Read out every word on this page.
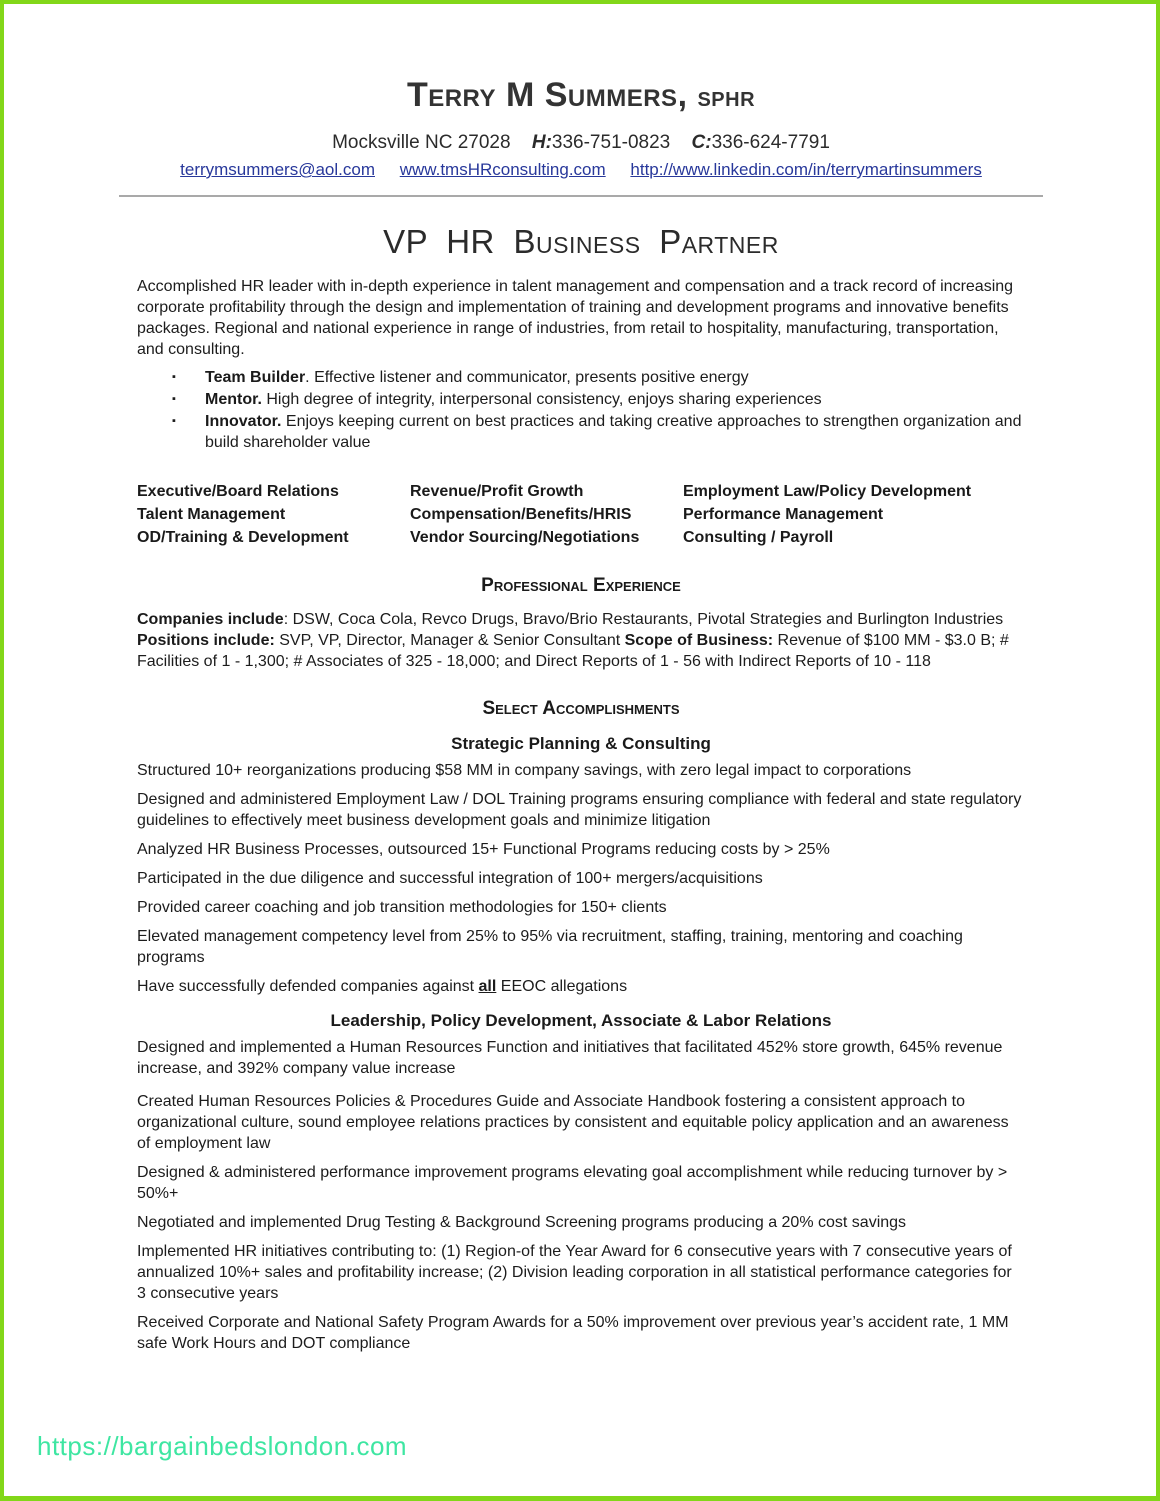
Terry M Summers, SPHR
Mocksville NC 27028 H:336-751-0823 C:336-624-7791
terrymsummers@aol.com www.tmsHRconsulting.com http://www.linkedin.com/in/terrymartinsummers
VP HR Business Partner

Accomplished HR leader with in-depth experience in talent management and compensation and a track record of increasing corporate profitability through the design and implementation of training and development programs and innovative benefits packages. Regional and national experience in range of industries, from retail to hospitality, manufacturing, transportation, and consulting.

▪ Team Builder. Effective listener and communicator, presents positive energy
▪ Mentor. High degree of integrity, interpersonal consistency, enjoys sharing experiences
▪ Innovator. Enjoys keeping current on best practices and taking creative approaches to strengthen organization and build shareholder value
Executive/Board Relations	Revenue/Profit Growth	Employment Law/Policy Development
Talent Management	Compensation/Benefits/HRIS	Performance Management
OD/Training & Development	Vendor Sourcing/Negotiations	Consulting / Payroll
Professional Experience

Companies include: DSW, Coca Cola, Revco Drugs, Bravo/Brio Restaurants, Pivotal Strategies and Burlington Industries Positions include: SVP, VP, Director, Manager & Senior Consultant Scope of Business: Revenue of $100 MM - $3.0 B; # Facilities of 1 - 1,300; # Associates of 325 - 18,000; and Direct Reports of 1 - 56 with Indirect Reports of 10 - 118

Select Accomplishments
Strategic Planning & Consulting

Structured 10+ reorganizations producing $58 MM in company savings, with zero legal impact to corporations

Designed and administered Employment Law / DOL Training programs ensuring compliance with federal and state regulatory guidelines to effectively meet business development goals and minimize litigation

Analyzed HR Business Processes, outsourced 15+ Functional Programs reducing costs by > 25%

Participated in the due diligence and successful integration of 100+ mergers/acquisitions

Provided career coaching and job transition methodologies for 150+ clients

Elevated management competency level from 25% to 95% via recruitment, staffing, training, mentoring and coaching programs

Have successfully defended companies against all EEOC allegations

Leadership, Policy Development, Associate & Labor Relations

Designed and implemented a Human Resources Function and initiatives that facilitated 452% store growth, 645% revenue increase, and 392% company value increase

Created Human Resources Policies & Procedures Guide and Associate Handbook fostering a consistent approach to organizational culture, sound employee relations practices by consistent and equitable policy application and an awareness of employment law

Designed & administered performance improvement programs elevating goal accomplishment while reducing turnover by > 50%+

Negotiated and implemented Drug Testing & Background Screening programs producing a 20% cost savings

Implemented HR initiatives contributing to: (1) Region-of the Year Award for 6 consecutive years with 7 consecutive years of annualized 10%+ sales and profitability increase; (2) Division leading corporation in all statistical performance categories for 3 consecutive years

Received Corporate and National Safety Program Awards for a 50% improvement over previous year’s accident rate, 1 MM safe Work Hours and DOT compliance

https://bargainbedslondon.com
